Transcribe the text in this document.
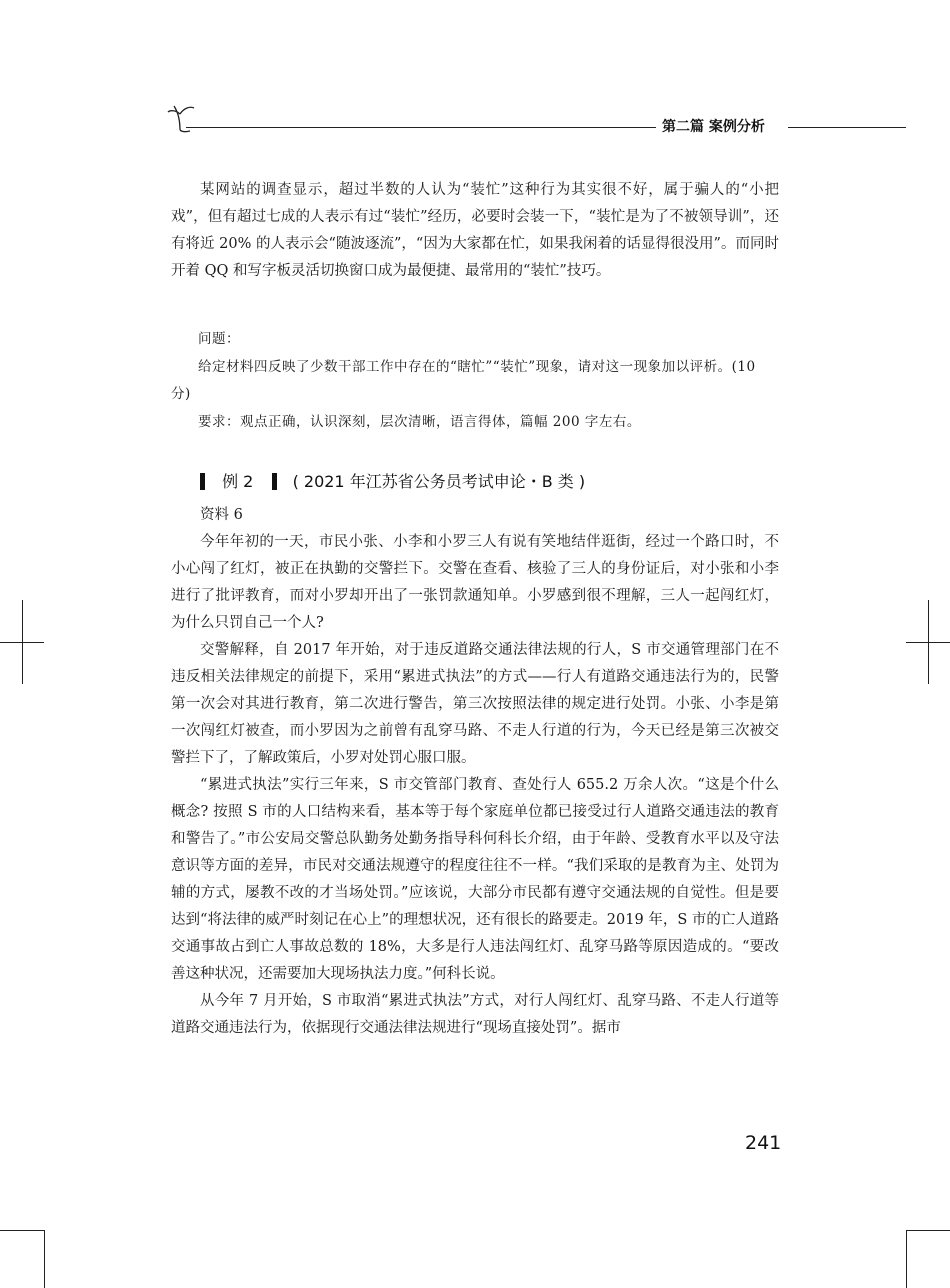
第二篇 案例分析

某网站的调查显示，超过半数的人认为“装忙”这种行为其实很不好，属于骗人的“小把戏”，但有超过七成的人表示有过“装忙”经历，必要时会装一下，“装忙是为了不被领导训”，还有将近 20% 的人表示会“随波逐流”，“因为大家都在忙，如果我闲着的话显得很没用”。而同时开着 QQ 和写字板灵活切换窗口成为最便捷、最常用的“装忙”技巧。

问题：

给定材料四反映了少数干部工作中存在的“瞎忙”“装忙”现象，请对这一现象加以评析。(10 分)

要求：观点正确，认识深刻，层次清晰，语言得体，篇幅 200 字左右。

例 2 ( 2021 年江苏省公务员考试申论・B 类 )

资料 6

今年年初的一天，市民小张、小李和小罗三人有说有笑地结伴逛街，经过一个路口时，不小心闯了红灯，被正在执勤的交警拦下。交警在查看、核验了三人的身份证后，对小张和小李进行了批评教育，而对小罗却开出了一张罚款通知单。小罗感到很不理解，三人一起闯红灯，为什么只罚自己一个人?

交警解释，自 2017 年开始，对于违反道路交通法律法规的行人，S 市交通管理部门在不违反相关法律规定的前提下，采用“累进式执法”的方式——行人有道路交通违法行为的，民警第一次会对其进行教育，第二次进行警告，第三次按照法律的规定进行处罚。小张、小李是第一次闯红灯被查，而小罗因为之前曾有乱穿马路、不走人行道的行为，今天已经是第三次被交警拦下了，了解政策后，小罗对处罚心服口服。

“累进式执法”实行三年来，S 市交管部门教育、查处行人 655.2 万余人次。“这是个什么概念? 按照 S 市的人口结构来看，基本等于每个家庭单位都已接受过行人道路交通违法的教育和警告了。”市公安局交警总队勤务处勤务指导科何科长介绍，由于年龄、受教育水平以及守法意识等方面的差异，市民对交通法规遵守的程度往往不一样。“我们采取的是教育为主、处罚为辅的方式，屡教不改的才当场处罚。”应该说，大部分市民都有遵守交通法规的自觉性。但是要达到“将法律的威严时刻记在心上”的理想状况，还有很长的路要走。2019 年，S 市的亡人道路交通事故占到亡人事故总数的 18%，大多是行人违法闯红灯、乱穿马路等原因造成的。“要改善这种状况，还需要加大现场执法力度。”何科长说。

从今年 7 月开始，S 市取消“累进式执法”方式，对行人闯红灯、乱穿马路、不走人行道等道路交通违法行为，依据现行交通法律法规进行“现场直接处罚”。据市

241
